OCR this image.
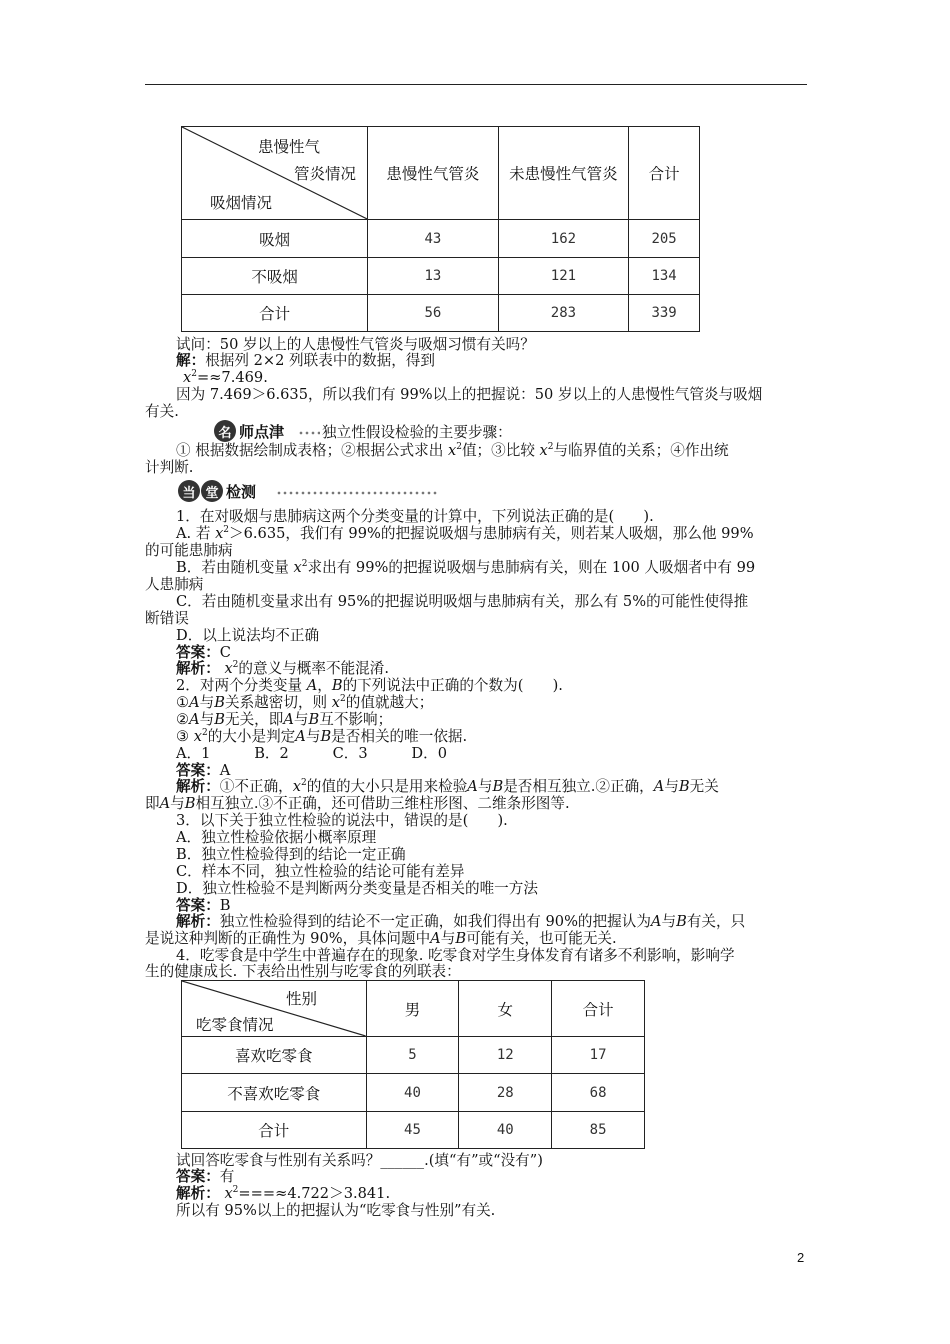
患慢性气
管炎情况
吸烟情况	患慢性气管炎	未患慢性气管炎	合计
吸烟	43	162	205
不吸烟	13	121	134
合计	56	283	339
试问：50 岁以上的人患慢性气管炎与吸烟习惯有关吗？
解：根据列 2×2 列联表中的数据，得到
$x^2=\approx 7.469$.
因为 7.469＞6.635，所以我们有 99%以上的把握说：50 岁以上的人患慢性气管炎与吸烟
有关.
名 师点津	独立性假设检验的主要步骤：
① 根据数据绘制成表格；②根据公式求出 $x^2$值；③比较 $x^2$与临界值的关系；④作出统
计判断.
当 堂 检测
1．在对吸烟与患肺病这两个分类变量的计算中，下列说法正确的是(　　).
A. 若 $x^2>6.635$，我们有 99%的把握说吸烟与患肺病有关，则若某人吸烟，那么他 99%
的可能患肺病
B．若由随机变量 $x^2$求出有 99%的把握说吸烟与患肺病有关，则在 100 人吸烟者中有 99
人患肺病
C．若由随机变量求出有 95%的把握说明吸烟与患肺病有关，那么有 5%的可能性使得推
断错误
D．以上说法均不正确
答案：C
解析： $x^2$的意义与概率不能混淆.
2．对两个分类变量 A，B的下列说法中正确的个数为(　　).
①A与B关系越密切，则 $x^2$的值就越大；
②A与B无关，即A与B互不影响；
③ $x^2$的大小是判定A与B是否相关的唯一依据.
A．1　　　B．2　　　C．3　　　D．0
答案：A
解析：①不正确，$x^2$的值的大小只是用来检验A与B是否相互独立.②正确，A与B无关
即A与B相互独立.③不正确，还可借助三维柱形图、二维条形图等.
3．以下关于独立性检验的说法中，错误的是(　　).
A．独立性检验依据小概率原理
B．独立性检验得到的结论一定正确
C．样本不同，独立性检验的结论可能有差异
D．独立性检验不是判断两分类变量是否相关的唯一方法
答案：B
解析：独立性检验得到的结论不一定正确，如我们得出有 90%的把握认为A与B有关，只
是说这种判断的正确性为 90%，具体问题中A与B可能有关，也可能无关.
4．吃零食是中学生中普遍存在的现象. 吃零食对学生身体发育有诸多不利影响，影响学
生的健康成长. 下表给出性别与吃零食的列联表：
性别
吃零食情况	男	女	合计
喜欢吃零食	5	12	17
不喜欢吃零食	40	28	68
合计	45	40	85
试回答吃零食与性别有关系吗？______.(填“有”或“没有”)
答案：有
解析： $x^2===\approx 4.722>3.841$.
所以有 95%以上的把握认为“吃零食与性别”有关.
2
